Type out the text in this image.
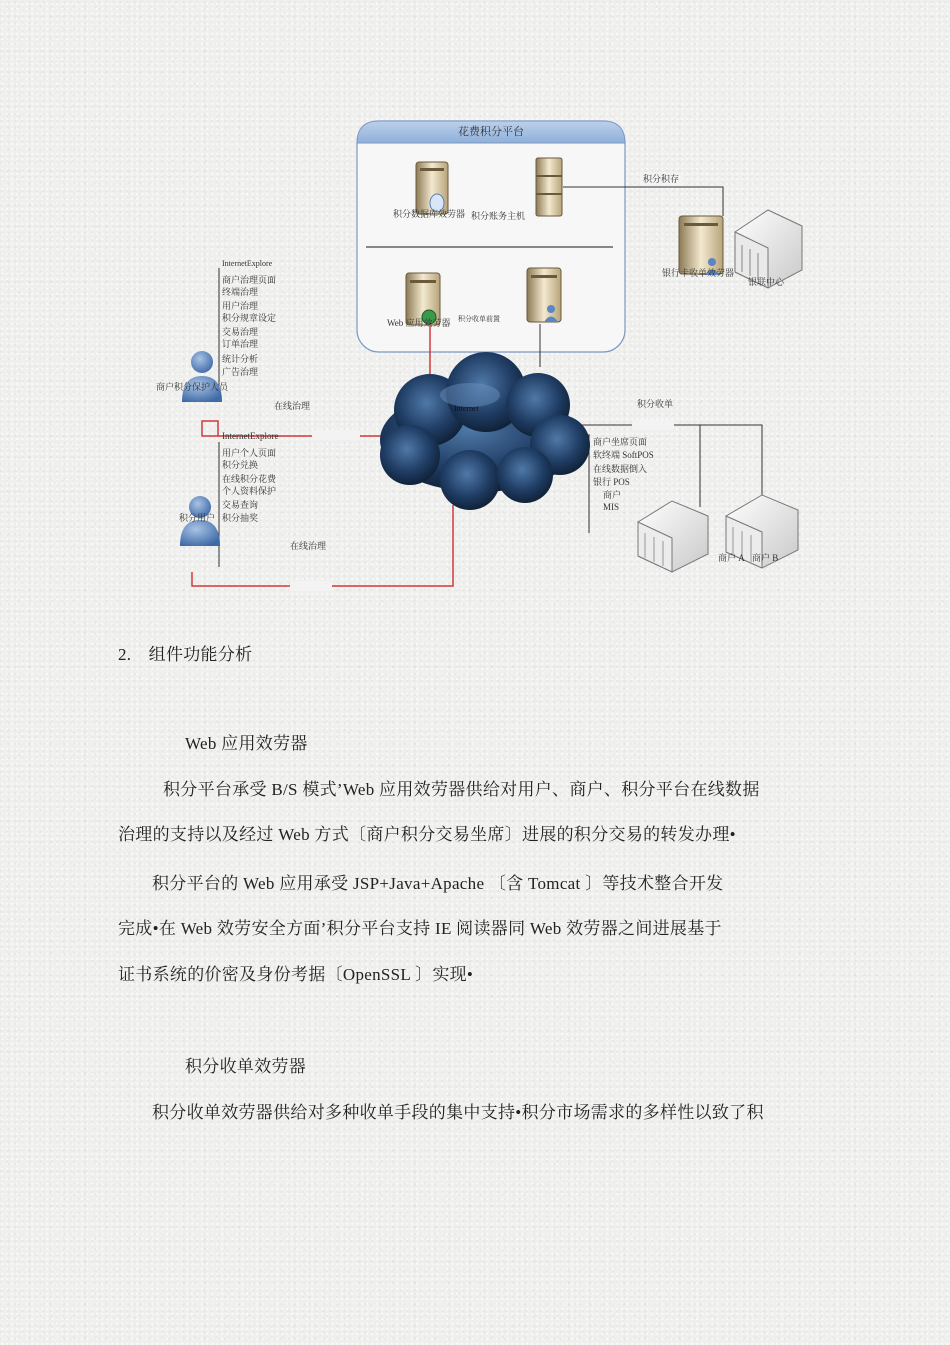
花费积分平台
积分数据库效劳器 积分账务主机
Web 应用效劳器 积分收单前置
积分积存
银行卡收单效劳器
银联中心
Internet	积分收单
InternetExplore
商户治理页面
终端治理
用户治理
积分规章设定
交易治理
订单治理
统计分析
广告治理
商户积分保护人员
在线治理
InternetExplore
用户个人页面
积分兑换
在线积分花费
个人资料保护
交易查询
积分抽奖
积分用户
在线治理
商户坐席页面
软终端 SoftPOS
在线数据倒入
银行 POS
商户
MIS
商户 A 商户 B
2.　组件功能分析
Web 应用效劳器
积分平台承受 B/S 模式’Web 应用效劳器供给对用户、商户、积分平台在线数据
治理的支持以及经过 Web 方式〔商户积分交易坐席〕进展的积分交易的转发办理•
积分平台的 Web 应用承受 JSP+Java+Apache 〔含 Tomcat 〕等技术整合开发
完成•在 Web 效劳安全方面’积分平台支持 IE 阅读器同 Web 效劳器之间进展基于
证书系统的价密及身份考据〔OpenSSL 〕实现•
积分收单效劳器
积分收单效劳器供给对多种收单手段的集中支持•积分市场需求的多样性以致了积
